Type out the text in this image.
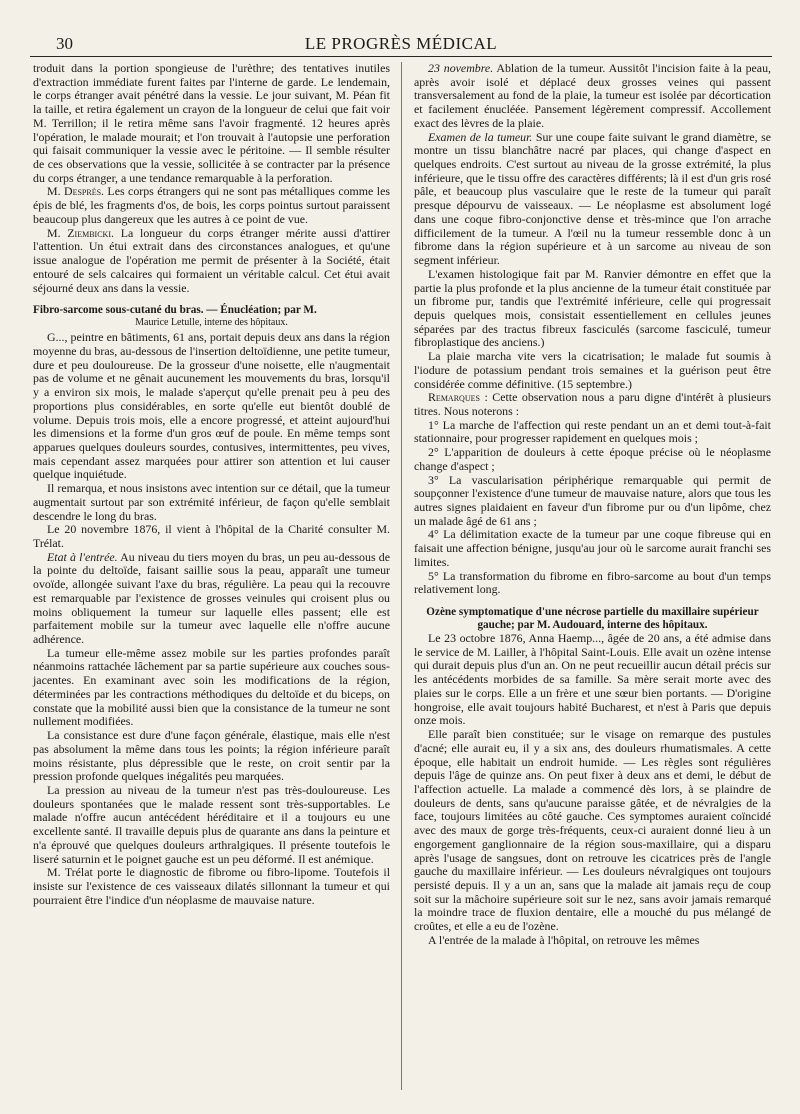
30	LE PROGRÈS MÉDICAL

troduit dans la portion spongieuse de l'urèthre; des tentatives inutiles d'extraction immédiate furent faites par l'interne de garde. Le lendemain, le corps étranger avait pénétré dans la vessie. Le jour suivant, M. Péan fit la taille, et retira également un crayon de la longueur de celui que fait voir M. Terrillon; il le retira même sans l'avoir fragmenté. 12 heures après l'opération, le malade mourait; et l'on trouvait à l'autopsie une perforation qui faisait communiquer la vessie avec le péritoine. — Il semble résulter de ces observations que la vessie, sollicitée à se contracter par la présence du corps étranger, a une tendance remarquable à la perforation.

M. Després. Les corps étrangers qui ne sont pas métalliques comme les épis de blé, les fragments d'os, de bois, les corps pointus surtout paraissent beaucoup plus dangereux que les autres à ce point de vue.

M. Ziembicki. La longueur du corps étranger mérite aussi d'attirer l'attention. Un étui extrait dans des circonstances analogues, et qu'une issue analogue de l'opération me permit de présenter à la Société, était entouré de sels calcaires qui formaient un véritable calcul. Cet étui avait séjourné deux ans dans la vessie.

Fibro-sarcome sous-cutané du bras. — Énucléation; par M.

Maurice Letulle, interne des hôpitaux.

G..., peintre en bâtiments, 61 ans, portait depuis deux ans dans la région moyenne du bras, au-dessous de l'insertion deltoïdienne, une petite tumeur, dure et peu douloureuse. De la grosseur d'une noisette, elle n'augmentait pas de volume et ne gênait aucunement les mouvements du bras, lorsqu'il y a environ six mois, le malade s'aperçut qu'elle prenait peu à peu des proportions plus considérables, en sorte qu'elle eut bientôt doublé de volume. Depuis trois mois, elle a encore progressé, et atteint aujourd'hui les dimensions et la forme d'un gros œuf de poule. En même temps sont apparues quelques douleurs sourdes, contusives, intermittentes, peu vives, mais cependant assez marquées pour attirer son attention et lui causer quelque inquiétude.

Il remarqua, et nous insistons avec intention sur ce détail, que la tumeur augmentait surtout par son extrémité inférieur, de façon qu'elle semblait descendre le long du bras.

Le 20 novembre 1876, il vient à l'hôpital de la Charité consulter M. Trélat.

Etat à l'entrée. Au niveau du tiers moyen du bras, un peu au-dessous de la pointe du deltoïde, faisant saillie sous la peau, apparaît une tumeur ovoïde, allongée suivant l'axe du bras, régulière. La peau qui la recouvre est remarquable par l'existence de grosses veinules qui croisent plus ou moins obliquement la tumeur sur laquelle elles passent; elle est parfaitement mobile sur la tumeur avec laquelle elle n'offre aucune adhérence.

La tumeur elle-même assez mobile sur les parties profondes paraît néanmoins rattachée lâchement par sa partie supérieure aux couches sous-jacentes. En examinant avec soin les modifications de la région, déterminées par les contractions méthodiques du deltoïde et du biceps, on constate que la mobilité aussi bien que la consistance de la tumeur ne sont nullement modifiées.

La consistance est dure d'une façon générale, élastique, mais elle n'est pas absolument la même dans tous les points; la région inférieure paraît moins résistante, plus dépressible que le reste, on croit sentir par la pression profonde quelques inégalités peu marquées.

La pression au niveau de la tumeur n'est pas très-douloureuse. Les douleurs spontanées que le malade ressent sont très-supportables. Le malade n'offre aucun antécédent héréditaire et il a toujours eu une excellente santé. Il travaille depuis plus de quarante ans dans la peinture et n'a éprouvé que quelques douleurs arthralgiques. Il présente toutefois le liseré saturnin et le poignet gauche est un peu déformé. Il est anémique.

M. Trélat porte le diagnostic de fibrome ou fibro-lipome. Toutefois il insiste sur l'existence de ces vaisseaux dilatés sillonnant la tumeur et qui pourraient être l'indice d'un néoplasme de mauvaise nature.

23 novembre. Ablation de la tumeur. Aussitôt l'incision faite à la peau, après avoir isolé et déplacé deux grosses veines qui passent transversalement au fond de la plaie, la tumeur est isolée par décortication et facilement énucléée. Pansement légèrement compressif. Accollement exact des lèvres de la plaie.

Examen de la tumeur. Sur une coupe faite suivant le grand diamètre, se montre un tissu blanchâtre nacré par places, qui change d'aspect en quelques endroits. C'est surtout au niveau de la grosse extrémité, la plus inférieure, que le tissu offre des caractères différents; là il est d'un gris rosé pâle, et beaucoup plus vasculaire que le reste de la tumeur qui paraît presque dépourvu de vaisseaux. — Le néoplasme est absolument logé dans une coque fibro-conjonctive dense et très-mince que l'on arrache difficilement de la tumeur. A l'œil nu la tumeur ressemble donc à un fibrome dans la région supérieure et à un sarcome au niveau de son segment inférieur.

L'examen histologique fait par M. Ranvier démontre en effet que la partie la plus profonde et la plus ancienne de la tumeur était constituée par un fibrome pur, tandis que l'extrémité inférieure, celle qui progressait depuis quelques mois, consistait essentiellement en cellules jeunes séparées par des tractus fibreux fasciculés (sarcome fasciculé, tumeur fibroplastique des anciens.)

La plaie marcha vite vers la cicatrisation; le malade fut soumis à l'iodure de potassium pendant trois semaines et la guérison peut être considérée comme définitive. (15 septembre.)

Remarques : Cette observation nous a paru digne d'intérêt à plusieurs titres. Nous noterons :

1° La marche de l'affection qui reste pendant un an et demi tout-à-fait stationnaire, pour progresser rapidement en quelques mois ;

2° L'apparition de douleurs à cette époque précise où le néoplasme change d'aspect ;

3° La vascularisation périphérique remarquable qui permit de soupçonner l'existence d'une tumeur de mauvaise nature, alors que tous les autres signes plaidaient en faveur d'un fibrome pur ou d'un lipôme, chez un malade âgé de 61 ans ;

4° La délimitation exacte de la tumeur par une coque fibreuse qui en faisait une affection bénigne, jusqu'au jour où le sarcome aurait franchi ses limites.

5° La transformation du fibrome en fibro-sarcome au bout d'un temps relativement long.

Ozène symptomatique d'une nécrose partielle du maxillaire supérieur gauche; par M. Audouard, interne des hôpitaux.

Le 23 octobre 1876, Anna Haemp..., âgée de 20 ans, a été admise dans le service de M. Lailler, à l'hôpital Saint-Louis. Elle avait un ozène intense qui durait depuis plus d'un an. On ne peut recueillir aucun détail précis sur les antécédents morbides de sa famille. Sa mère serait morte avec des plaies sur le corps. Elle a un frère et une sœur bien portants. — D'origine hongroise, elle avait toujours habité Bucharest, et n'est à Paris que depuis onze mois.

Elle paraît bien constituée; sur le visage on remarque des pustules d'acné; elle aurait eu, il y a six ans, des douleurs rhumatismales. A cette époque, elle habitait un endroit humide. — Les règles sont régulières depuis l'âge de quinze ans. On peut fixer à deux ans et demi, le début de l'affection actuelle. La malade a commencé dès lors, à se plaindre de douleurs de dents, sans qu'aucune paraisse gâtée, et de névralgies de la face, toujours limitées au côté gauche. Ces symptomes auraient coïncidé avec des maux de gorge très-fréquents, ceux-ci auraient donné lieu à un engorgement ganglionnaire de la région sous-maxillaire, qui a disparu après l'usage de sangsues, dont on retrouve les cicatrices près de l'angle gauche du maxillaire inférieur. — Les douleurs névralgiques ont toujours persisté depuis. Il y a un an, sans que la malade ait jamais reçu de coup soit sur la mâchoire supérieure soit sur le nez, sans avoir jamais remarqué la moindre trace de fluxion dentaire, elle a mouché du pus mélangé de croûtes, et elle a eu de l'ozène.

A l'entrée de la malade à l'hôpital, on retrouve les mêmes
